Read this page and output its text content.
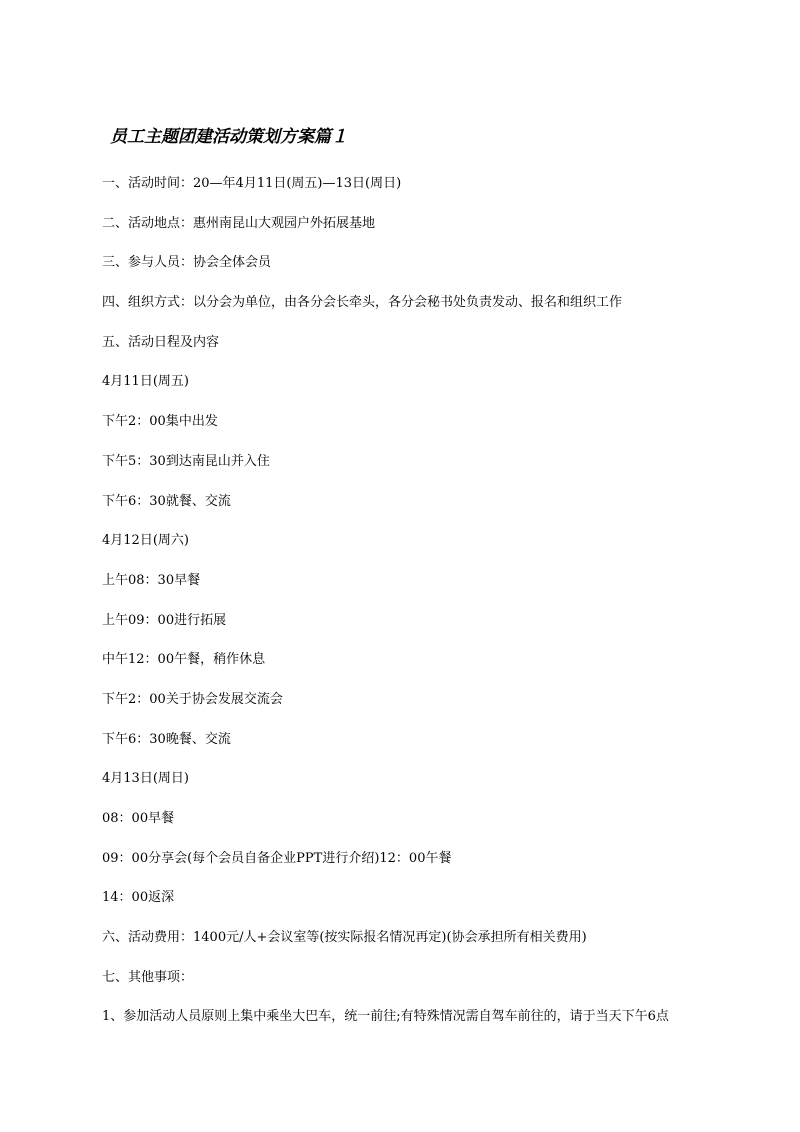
员工主题团建活动策划方案篇１

一、活动时间：20—年4月11日(周五)—13日(周日)

二、活动地点：惠州南昆山大观园户外拓展基地

三、参与人员：协会全体会员

四、组织方式：以分会为单位，由各分会长牵头，各分会秘书处负责发动、报名和组织工作

五、活动日程及内容

4月11日(周五)

下午2：00集中出发

下午5：30到达南昆山并入住

下午6：30就餐、交流

4月12日(周六)

上午08：30早餐

上午09：00进行拓展

中午12：00午餐，稍作休息

下午2：00关于协会发展交流会

下午6：30晚餐、交流

4月13日(周日)

08：00早餐

09：00分享会(每个会员自备企业PPT进行介绍)12：00午餐

14：00返深

六、活动费用：1400元/人+会议室等(按实际报名情况再定)(协会承担所有相关费用)

七、其他事项：

1、参加活动人员原则上集中乘坐大巴车，统一前往;有特殊情况需自驾车前往的，请于当天下午6点
